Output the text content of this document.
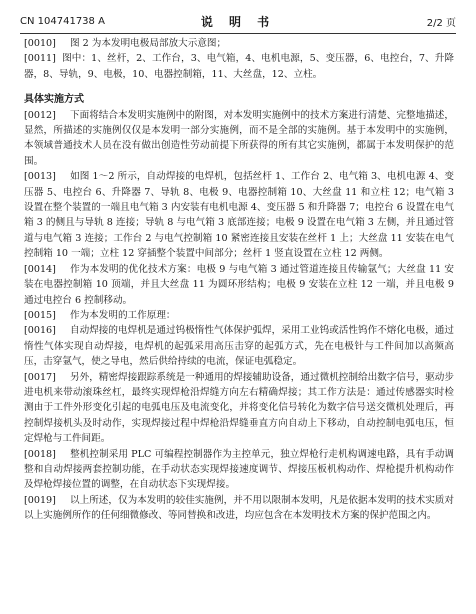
CN 104741738 A	说 明 书	2/2 页

[0010] 图 2 为本发明电极局部放大示意图；

[0011] 图中：1、丝杆，2、工作台，3、电气箱，4、电机电源，5、变压器，6、电控台，7、升降器，8、导轨，9、电极，10、电器控制箱，11、大丝盘，12、立柱。

具体实施方式

[0012] 下面将结合本发明实施例中的附图，对本发明实施例中的技术方案进行清楚、完整地描述，显然，所描述的实施例仅仅是本发明一部分实施例，而不是全部的实施例。基于本发明中的实施例，本领域普通技术人员在没有做出创造性劳动前提下所获得的所有其它实施例，都属于本发明保护的范围。

[0013] 如图 1～2 所示，自动焊接的电焊机，包括丝杆 1、工作台 2、电气箱 3、电机电源 4、变压器 5、电控台 6、升降器 7、导轨 8、电极 9、电器控制箱 10、大丝盘 11 和立柱 12；电气箱 3 设置在整个装置的一端且电气箱 3 内安装有电机电源 4、变压器 5 和升降器 7；电控台 6 设置在电气箱 3 的侧且与导轨 8 连接；导轨 8 与电气箱 3 底部连接；电极 9 设置在电气箱 3 左侧，并且通过管道与电气箱 3 连接；工作台 2 与电气控制箱 10 紧密连接且安装在丝杆 1 上；大丝盘 11 安装在电气控制箱 10 一端；立柱 12 穿插整个装置中间部分；丝杆 1 竖直设置在立柱 12 两侧。

[0014] 作为本发明的优化技术方案：电极 9 与电气箱 3 通过管道连接且传输氩气；大丝盘 11 安装在电器控制箱 10 顶端，并且大丝盘 11 为圆环形结构；电极 9 安装在立柱 12 一端，并且电极 9 通过电控台 6 控制移动。

[0015] 作为本发明的工作原理：

[0016] 自动焊接的电焊机是通过钨极惰性气体保护弧焊，采用工业钨或活性钨作不熔化电极，通过惰性气体实现自动焊接，电焊机的起弧采用高压击穿的起弧方式，先在电极针与工件间加以高频高压，击穿氩气，使之导电，然后供给持续的电流，保证电弧稳定。

[0017] 另外，精密焊接跟踪系统是一种通用的焊接辅助设备，通过微机控制给出数字信号，驱动步进电机来带动滚珠丝杠，最终实现焊枪沿焊缝方向左右精确焊接；其工作方法是：通过传感器实时检测由于工件外形变化引起的电弧电压及电流变化，并将变化信号转化为数字信号送交微机处理后，再控制焊接机头及时动作，实现焊接过程中焊枪沿焊缝垂直方向自动上下移动，自动控制电弧电压，恒定焊枪与工件间距。

[0018] 整机控制采用 PLC 可编程控制器作为主控单元，独立焊枪行走机构调速电路，具有手动调整和自动焊接两套控制功能，在手动状态实现焊接速度调节、焊接压板机构动作、焊枪提升机构动作及焊枪焊接位置的调整，在自动状态下实现焊接。

[0019] 以上所述，仅为本发明的较佳实施例，并不用以限制本发明，凡是依据本发明的技术实质对以上实施例所作的任何细微修改、等同替换和改进，均应包含在本发明技术方案的保护范围之内。
